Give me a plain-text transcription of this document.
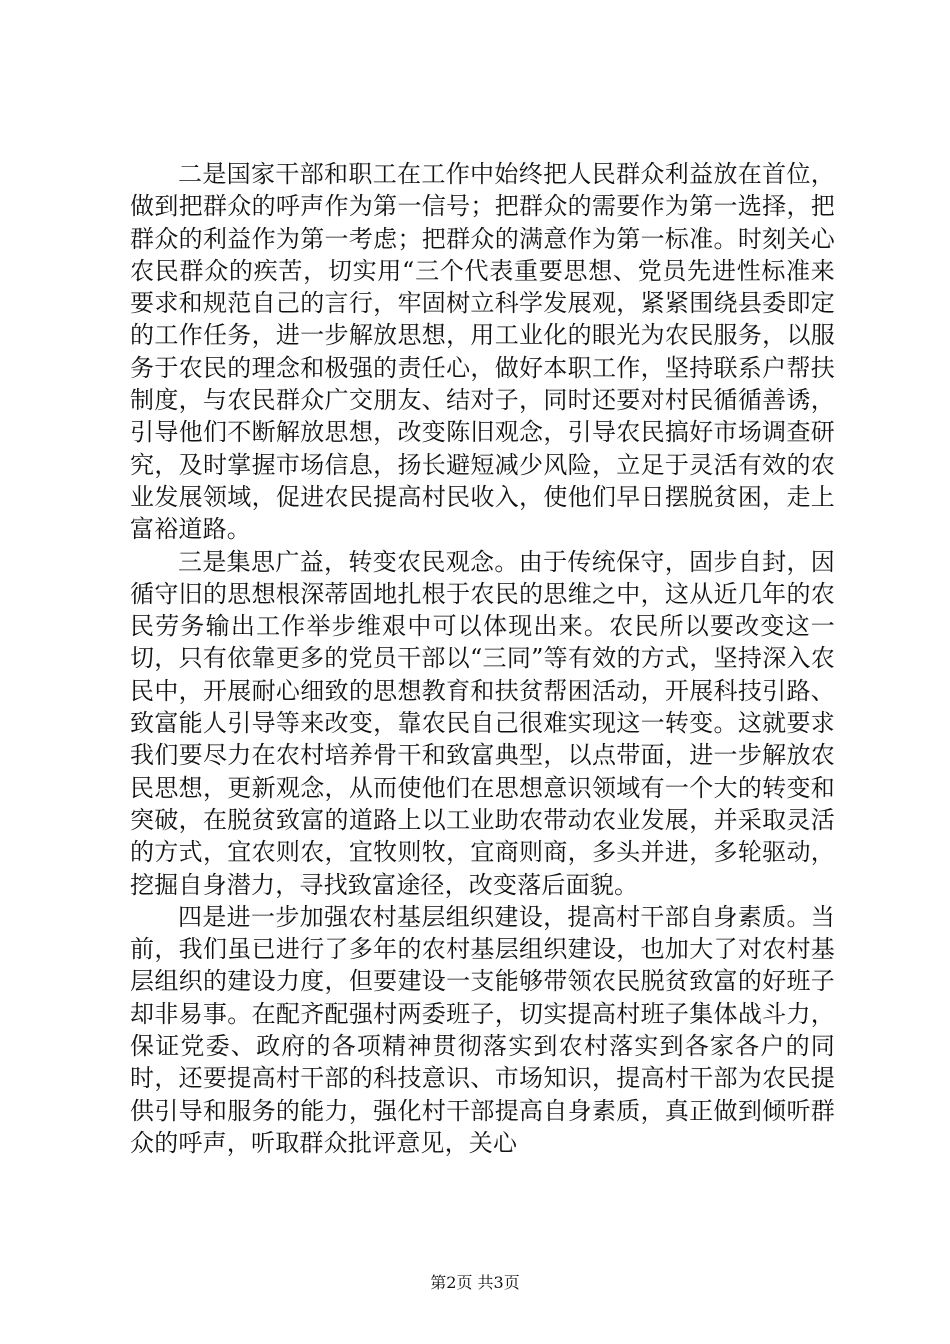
二是国家干部和职工在工作中始终把人民群众利益放在首位，做到把群众的呼声作为第一信号；把群众的需要作为第一选择，把群众的利益作为第一考虑；把群众的满意作为第一标准。时刻关心农民群众的疾苦，切实用“三个代表重要思想、党员先进性标准来要求和规范自己的言行，牢固树立科学发展观，紧紧围绕县委即定的工作任务，进一步解放思想，用工业化的眼光为农民服务，以服务于农民的理念和极强的责任心，做好本职工作，坚持联系户帮扶制度，与农民群众广交朋友、结对子，同时还要对村民循循善诱，引导他们不断解放思想，改变陈旧观念，引导农民搞好市场调查研究，及时掌握市场信息，扬长避短减少风险，立足于灵活有效的农业发展领域，促进农民提高村民收入，使他们早日摆脱贫困，走上富裕道路。

三是集思广益，转变农民观念。由于传统保守，固步自封，因循守旧的思想根深蒂固地扎根于农民的思维之中，这从近几年的农民劳务输出工作举步维艰中可以体现出来。农民所以要改变这一切，只有依靠更多的党员干部以“三同”等有效的方式，坚持深入农民中，开展耐心细致的思想教育和扶贫帮困活动，开展科技引路、致富能人引导等来改变，靠农民自己很难实现这一转变。这就要求我们要尽力在农村培养骨干和致富典型，以点带面，进一步解放农民思想，更新观念，从而使他们在思想意识领域有一个大的转变和突破，在脱贫致富的道路上以工业助农带动农业发展，并采取灵活的方式，宜农则农，宜牧则牧，宜商则商，多头并进，多轮驱动，挖掘自身潜力，寻找致富途径，改变落后面貌。

四是进一步加强农村基层组织建设，提高村干部自身素质。当前，我们虽已进行了多年的农村基层组织建设，也加大了对农村基层组织的建设力度，但要建设一支能够带领农民脱贫致富的好班子却非易事。在配齐配强村两委班子，切实提高村班子集体战斗力，保证党委、政府的各项精神贯彻落实到农村落实到各家各户的同时，还要提高村干部的科技意识、市场知识，提高村干部为农民提供引导和服务的能力，强化村干部提高自身素质，真正做到倾听群众的呼声，听取群众批评意见，关心

第2页 共3页
